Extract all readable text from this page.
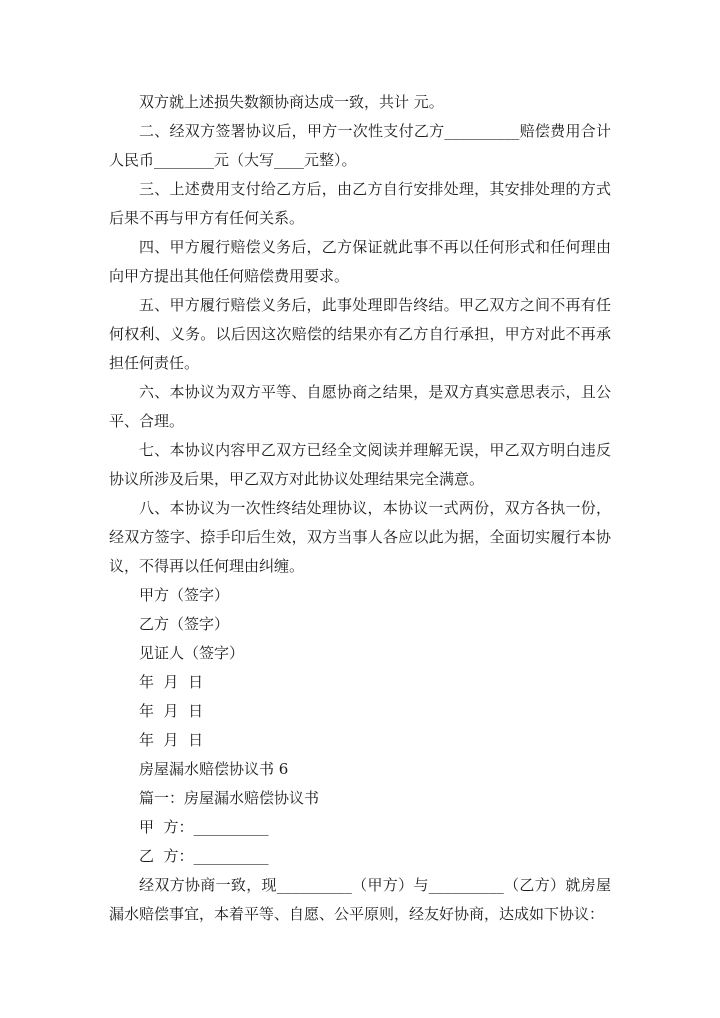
双方就上述损失数额协商达成一致，共计 元。

二、经双方签署协议后，甲方一次性支付乙方__________赔偿费用合计人民币________元（大写____元整）。

三、上述费用支付给乙方后，由乙方自行安排处理，其安排处理的方式后果不再与甲方有任何关系。

四、甲方履行赔偿义务后，乙方保证就此事不再以任何形式和任何理由向甲方提出其他任何赔偿费用要求。

五、甲方履行赔偿义务后，此事处理即告终结。甲乙双方之间不再有任何权利、义务。以后因这次赔偿的结果亦有乙方自行承担，甲方对此不再承担任何责任。

六、本协议为双方平等、自愿协商之结果，是双方真实意思表示，且公平、合理。

七、本协议内容甲乙双方已经全文阅读并理解无误，甲乙双方明白违反协议所涉及后果，甲乙双方对此协议处理结果完全满意。

八、本协议为一次性终结处理协议，本协议一式两份，双方各执一份，经双方签字、捺手印后生效，双方当事人各应以此为据，全面切实履行本协议，不得再以任何理由纠缠。

甲方（签字）

乙方（签字）

见证人（签字）

年  月  日

年  月  日

年  月  日

房屋漏水赔偿协议书 6

篇一：房屋漏水赔偿协议书

甲  方：__________

乙  方：__________

经双方协商一致，现__________（甲方）与__________（乙方）就房屋漏水赔偿事宜，本着平等、自愿、公平原则，经友好协商，达成如下协议：
